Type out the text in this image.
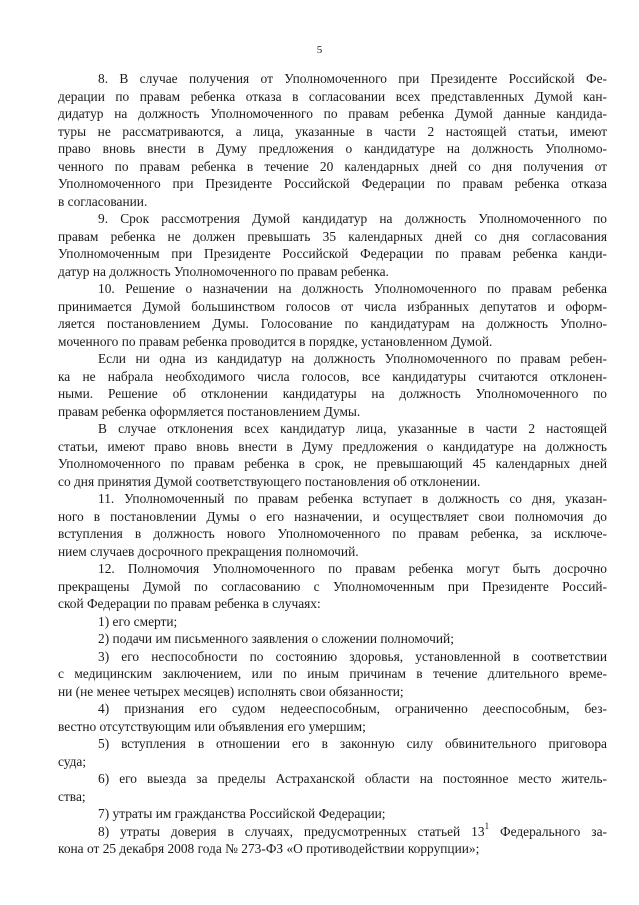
5
8. В случае получения от Уполномоченного при Президенте Российской Фе-
дерации по правам ребенка отказа в согласовании всех представленных Думой кан-
дидатур на должность Уполномоченного по правам ребенка Думой данные кандида-
туры не рассматриваются, а лица, указанные в части 2 настоящей статьи, имеют
право вновь внести в Думу предложения о кандидатуре на должность Уполномо-
ченного по правам ребенка в течение 20 календарных дней со дня получения от
Уполномоченного при Президенте Российской Федерации по правам ребенка отказа
в согласовании.
9. Срок рассмотрения Думой кандидатур на должность Уполномоченного по
правам ребенка не должен превышать 35 календарных дней со дня согласования
Уполномоченным при Президенте Российской Федерации по правам ребенка канди-
датур на должность Уполномоченного по правам ребенка.
10. Решение о назначении на должность Уполномоченного по правам ребенка
принимается Думой большинством голосов от числа избранных депутатов и оформ-
ляется постановлением Думы. Голосование по кандидатурам на должность Уполно-
моченного по правам ребенка проводится в порядке, установленном Думой.
Если ни одна из кандидатур на должность Уполномоченного по правам ребен-
ка не набрала необходимого числа голосов, все кандидатуры считаются отклонен-
ными. Решение об отклонении кандидатуры на должность Уполномоченного по
правам ребенка оформляется постановлением Думы.
В случае отклонения всех кандидатур лица, указанные в части 2 настоящей
статьи, имеют право вновь внести в Думу предложения о кандидатуре на должность
Уполномоченного по правам ребенка в срок, не превышающий 45 календарных дней
со дня принятия Думой соответствующего постановления об отклонении.
11. Уполномоченный по правам ребенка вступает в должность со дня, указан-
ного в постановлении Думы о его назначении, и осуществляет свои полномочия до
вступления в должность нового Уполномоченного по правам ребенка, за исключе-
нием случаев досрочного прекращения полномочий.
12. Полномочия Уполномоченного по правам ребенка могут быть досрочно
прекращены Думой по согласованию с Уполномоченным при Президенте Россий-
ской Федерации по правам ребенка в случаях:
1) его смерти;
2) подачи им письменного заявления о сложении полномочий;
3) его неспособности по состоянию здоровья, установленной в соответствии
с медицинским заключением, или по иным причинам в течение длительного време-
ни (не менее четырех месяцев) исполнять свои обязанности;
4) признания его судом недееспособным, ограниченно дееспособным, без-
вестно отсутствующим или объявления его умершим;
5) вступления в отношении его в законную силу обвинительного приговора
суда;
6) его выезда за пределы Астраханской области на постоянное место житель-
ства;
7) утраты им гражданства Российской Федерации;
8) утраты доверия в случаях, предусмотренных статьей $13^1$ Федерального за-
кона от 25 декабря 2008 года № 273-ФЗ «О противодействии коррупции»;
